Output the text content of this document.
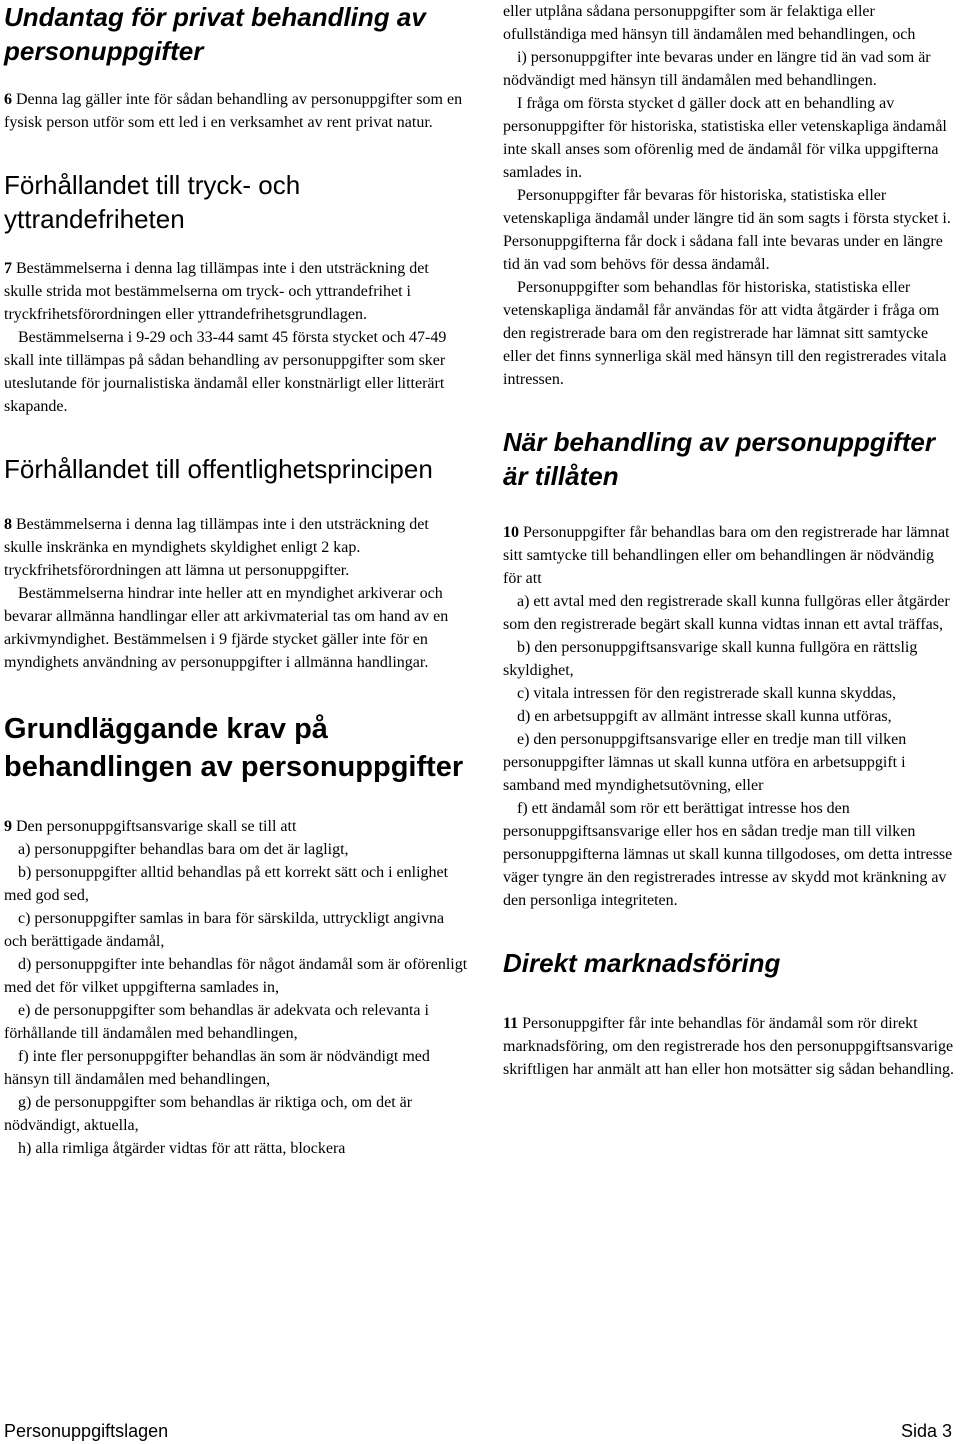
Undantag för privat behandling av personuppgifter

6 Denna lag gäller inte för sådan behandling av personuppgifter som en fysisk person utför som ett led i en verksamhet av rent privat natur.

Förhållandet till tryck- och yttrandefriheten

7 Bestämmelserna i denna lag tillämpas inte i den utsträckning det skulle strida mot bestämmelserna om tryck- och yttrandefrihet i tryckfrihetsförordningen eller yttrandefrihetsgrundlagen.

Bestämmelserna i 9-29 och 33-44 samt 45 första stycket och 47-49 skall inte tillämpas på sådan behandling av personuppgifter som sker uteslutande för journalistiska ändamål eller konstnärligt eller litterärt skapande.

Förhållandet till offentlighetsprincipen

8 Bestämmelserna i denna lag tillämpas inte i den utsträckning det skulle inskränka en myndighets skyldighet enligt 2 kap. tryckfrihetsförordningen att lämna ut personuppgifter.

Bestämmelserna hindrar inte heller att en myndighet arkiverar och bevarar allmänna handlingar eller att arkivmaterial tas om hand av en arkivmyndighet. Bestämmelsen i 9 fjärde stycket gäller inte för en myndighets användning av personuppgifter i allmänna handlingar.

Grundläggande krav på behandlingen av personuppgifter

9 Den personuppgiftsansvarige skall se till att

a) personuppgifter behandlas bara om det är lagligt,

b) personuppgifter alltid behandlas på ett korrekt sätt och i enlighet med god sed,

c) personuppgifter samlas in bara för särskilda, uttryckligt angivna och berättigade ändamål,

d) personuppgifter inte behandlas för något ändamål som är oförenligt med det för vilket uppgifterna samlades in,

e) de personuppgifter som behandlas är adekvata och relevanta i förhållande till ändamålen med behandlingen,

f) inte fler personuppgifter behandlas än som är nödvändigt med hänsyn till ändamålen med behandlingen,

g) de personuppgifter som behandlas är riktiga och, om det är nödvändigt, aktuella,

h) alla rimliga åtgärder vidtas för att rätta, blockera

eller utplåna sådana personuppgifter som är felaktiga eller ofullständiga med hänsyn till ändamålen med behandlingen, och

i) personuppgifter inte bevaras under en längre tid än vad som är nödvändigt med hänsyn till ändamålen med behandlingen.

I fråga om första stycket d gäller dock att en behandling av personuppgifter för historiska, statistiska eller vetenskapliga ändamål inte skall anses som oförenlig med de ändamål för vilka uppgifterna samlades in.

Personuppgifter får bevaras för historiska, statistiska eller vetenskapliga ändamål under längre tid än som sagts i första stycket i. Personuppgifterna får dock i sådana fall inte bevaras under en längre tid än vad som behövs för dessa ändamål.

Personuppgifter som behandlas för historiska, statistiska eller vetenskapliga ändamål får användas för att vidta åtgärder i fråga om den registrerade bara om den registrerade har lämnat sitt samtycke eller det finns synnerliga skäl med hänsyn till den registrerades vitala intressen.

När behandling av personuppgifter är tillåten

10 Personuppgifter får behandlas bara om den registrerade har lämnat sitt samtycke till behandlingen eller om behandlingen är nödvändig för att

a) ett avtal med den registrerade skall kunna fullgöras eller åtgärder som den registrerade begärt skall kunna vidtas innan ett avtal träffas,

b) den personuppgiftsansvarige skall kunna fullgöra en rättslig skyldighet,

c) vitala intressen för den registrerade skall kunna skyddas,

d) en arbetsuppgift av allmänt intresse skall kunna utföras,

e) den personuppgiftsansvarige eller en tredje man till vilken personuppgifter lämnas ut skall kunna utföra en arbetsuppgift i samband med myndighetsutövning, eller

f) ett ändamål som rör ett berättigat intresse hos den personuppgiftsansvarige eller hos en sådan tredje man till vilken personuppgifterna lämnas ut skall kunna tillgodoses, om detta intresse väger tyngre än den registrerades intresse av skydd mot kränkning av den personliga integriteten.

Direkt marknadsföring

11 Personuppgifter får inte behandlas för ändamål som rör direkt marknadsföring, om den registrerade hos den personuppgiftsansvarige skriftligen har anmält att han eller hon motsätter sig sådan behandling.

Personuppgiftslagen	Sida 3
